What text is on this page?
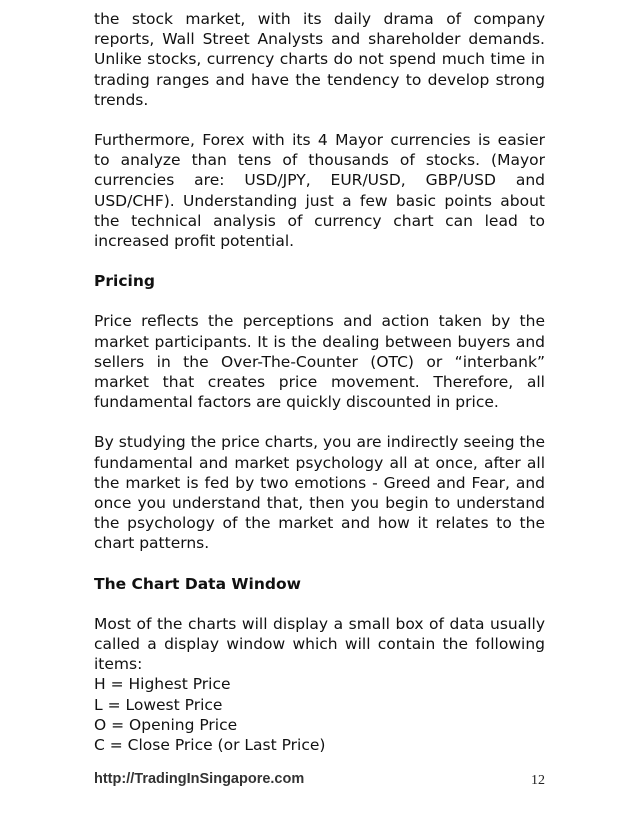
the stock market, with its daily drama of company reports, Wall Street Analysts and shareholder demands. Unlike stocks, currency charts do not spend much time in trading ranges and have the tendency to develop strong trends.

Furthermore, Forex with its 4 Mayor currencies is easier to analyze than tens of thousands of stocks. (Mayor currencies are: USD/JPY, EUR/USD, GBP/USD and USD/CHF). Understanding just a few basic points about the technical analysis of currency chart can lead to increased profit potential.

Pricing

Price reflects the perceptions and action taken by the market participants. It is the dealing between buyers and sellers in the Over-The-Counter (OTC) or “interbank” market that creates price movement. Therefore, all fundamental factors are quickly discounted in price.

By studying the price charts, you are indirectly seeing the fundamental and market psychology all at once, after all the market is fed by two emotions - Greed and Fear, and once you understand that, then you begin to understand the psychology of the market and how it relates to the chart patterns.

The Chart Data Window

Most of the charts will display a small box of data usually called a display window which will contain the following items:

H = Highest Price
L = Lowest Price
O = Opening Price
C = Close Price (or Last Price)
http://TradingInSingapore.com	12
